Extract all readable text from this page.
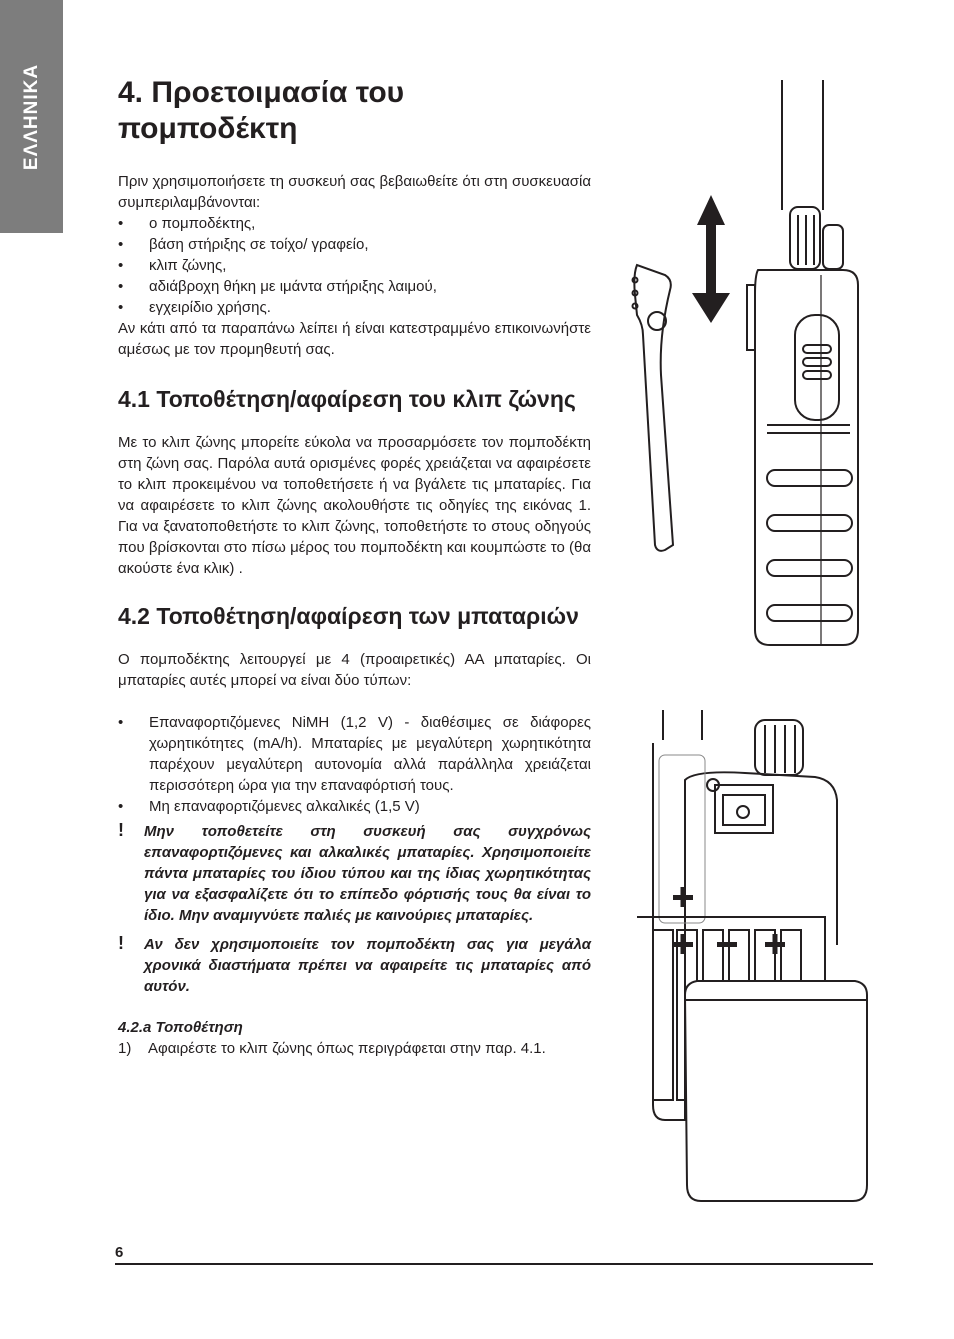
ΕΛΛΗΝΙΚΑ	4. Προετοιμασία του πομποδέκτη

Πριν χρησιμοποιήσετε τη συσκευή σας βεβαιωθείτε ότι στη συσκευασία συμπεριλαμβάνονται:

• ο πομποδέκτης,
• βάση στήριξης σε τοίχο/ γραφείο,
• κλιπ ζώνης,
• αδιάβροχη θήκη με ιμάντα στήριξης λαιμού,
• εγχειρίδιο χρήσης.

Αν κάτι από τα παραπάνω λείπει ή είναι κατεστραμμένο επικοινωνήστε αμέσως με τον προμηθευτή σας.

4.1 Τοποθέτηση/αφαίρεση του κλιπ ζώνης

Με το κλιπ ζώνης μπορείτε εύκολα να προσαρμόσετε τον πομποδέκτη στη ζώνη σας. Παρόλα αυτά ορισμένες φορές χρειάζεται να αφαιρέσετε το κλιπ προκειμένου να τοποθετήσετε ή να βγάλετε τις μπαταρίες. Για να αφαιρέσετε το κλιπ ζώνης ακολουθήστε τις οδηγίες της εικόνας 1. Για να ξανατοποθετήστε το κλιπ ζώνης, τοποθετήστε το στους οδηγούς που βρίσκονται στο πίσω μέρος του πομποδέκτη και κουμπώστε το (θα ακούστε ένα κλικ) .

4.2 Τοποθέτηση/αφαίρεση των μπαταριών

Ο πομποδέκτης λειτουργεί με 4 (προαιρετικές) ΑΑ μπαταρίες. Οι μπαταρίες αυτές μπορεί να είναι δύο τύπων:

• Επαναφορτιζόμενες NiMH (1,2 V) - διαθέσιμες σε διάφορες χωρητικότητες (mA/h). Μπαταρίες με μεγαλύτερη χωρητικότητα παρέχουν μεγαλύτερη αυτονομία αλλά παράλληλα χρειάζεται περισσότερη ώρα για την επαναφόρτισή τους.
• Μη επαναφορτιζόμενες αλκαλικές (1,5 V)
! Μην τοποθετείτε στη συσκευή σας συγχρόνως επαναφορτιζόμενες και αλκαλικές μπαταρίες. Χρησιμοποιείτε πάντα μπαταρίες του ίδιου τύπου και της ίδιας χωρητικότητας για να εξασφαλίζετε ότι το επίπεδο φόρτισής τους θα είναι το ίδιο. Μην αναμιγνύετε παλιές με καινούριες μπαταρίες.
! Αν δεν χρησιμοποιείτε τον πομποδέκτη σας για μεγάλα χρονικά διαστήματα πρέπει να αφαιρείτε τις μπαταρίες από αυτόν.
4.2.a Τοποθέτηση
1) Αφαιρέστε το κλιπ ζώνης όπως περιγράφεται στην παρ. 4.1.
6
